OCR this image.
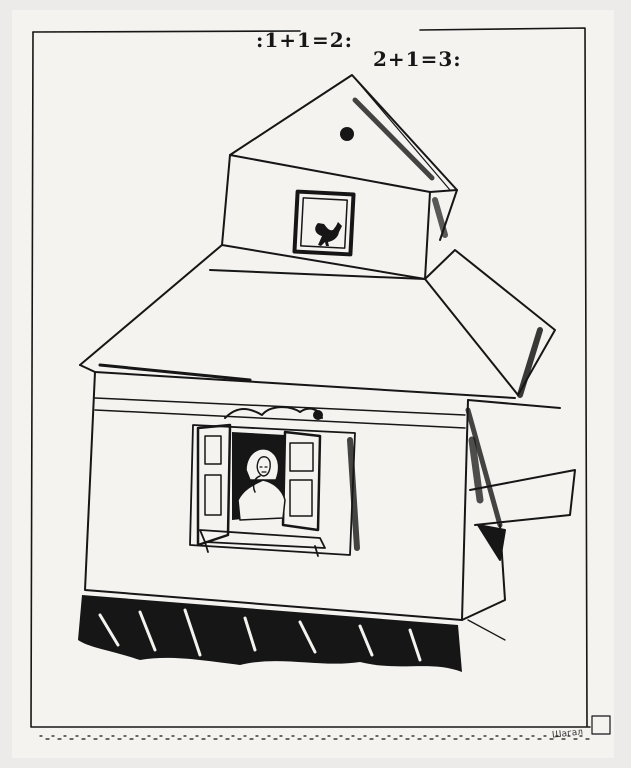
:1+1=2:
2+1=3:
Шагал
